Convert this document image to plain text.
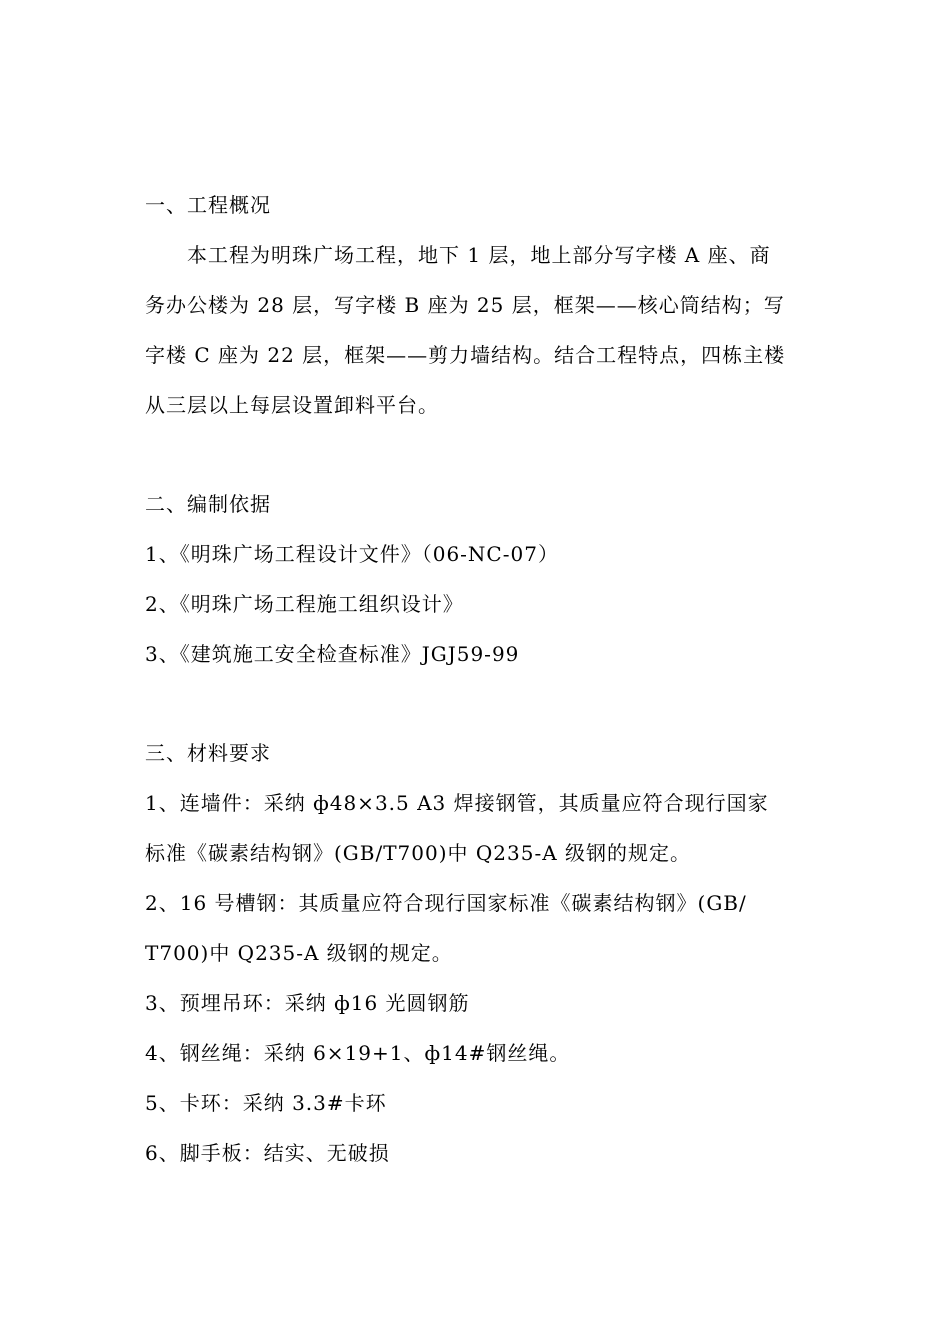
一、工程概况
本工程为明珠广场工程，地下 1 层，地上部分写字楼 A 座、商
务办公楼为 28 层，写字楼 B 座为 25 层，框架——核心筒结构；写
字楼 C 座为 22 层，框架——剪力墙结构。结合工程特点，四栋主楼
从三层以上每层设置卸料平台。
二、编制依据
1、《明珠广场工程设计文件》（06-NC-07）
2、《明珠广场工程施工组织设计》
3、《建筑施工安全检查标准》JGJ59-99
三、材料要求
1、连墙件：采纳 ф48×3.5 A3 焊接钢管，其质量应符合现行国家
标准《碳素结构钢》(GB/T700)中 Q235-A 级钢的规定。
2、16 号槽钢：其质量应符合现行国家标准《碳素结构钢》(GB/
T700)中 Q235-A 级钢的规定。
3、预埋吊环：采纳 ф16 光圆钢筋
4、钢丝绳：采纳 6×19+1、ф14#钢丝绳。
5、卡环：采纳 3.3#卡环
6、脚手板：结实、无破损
